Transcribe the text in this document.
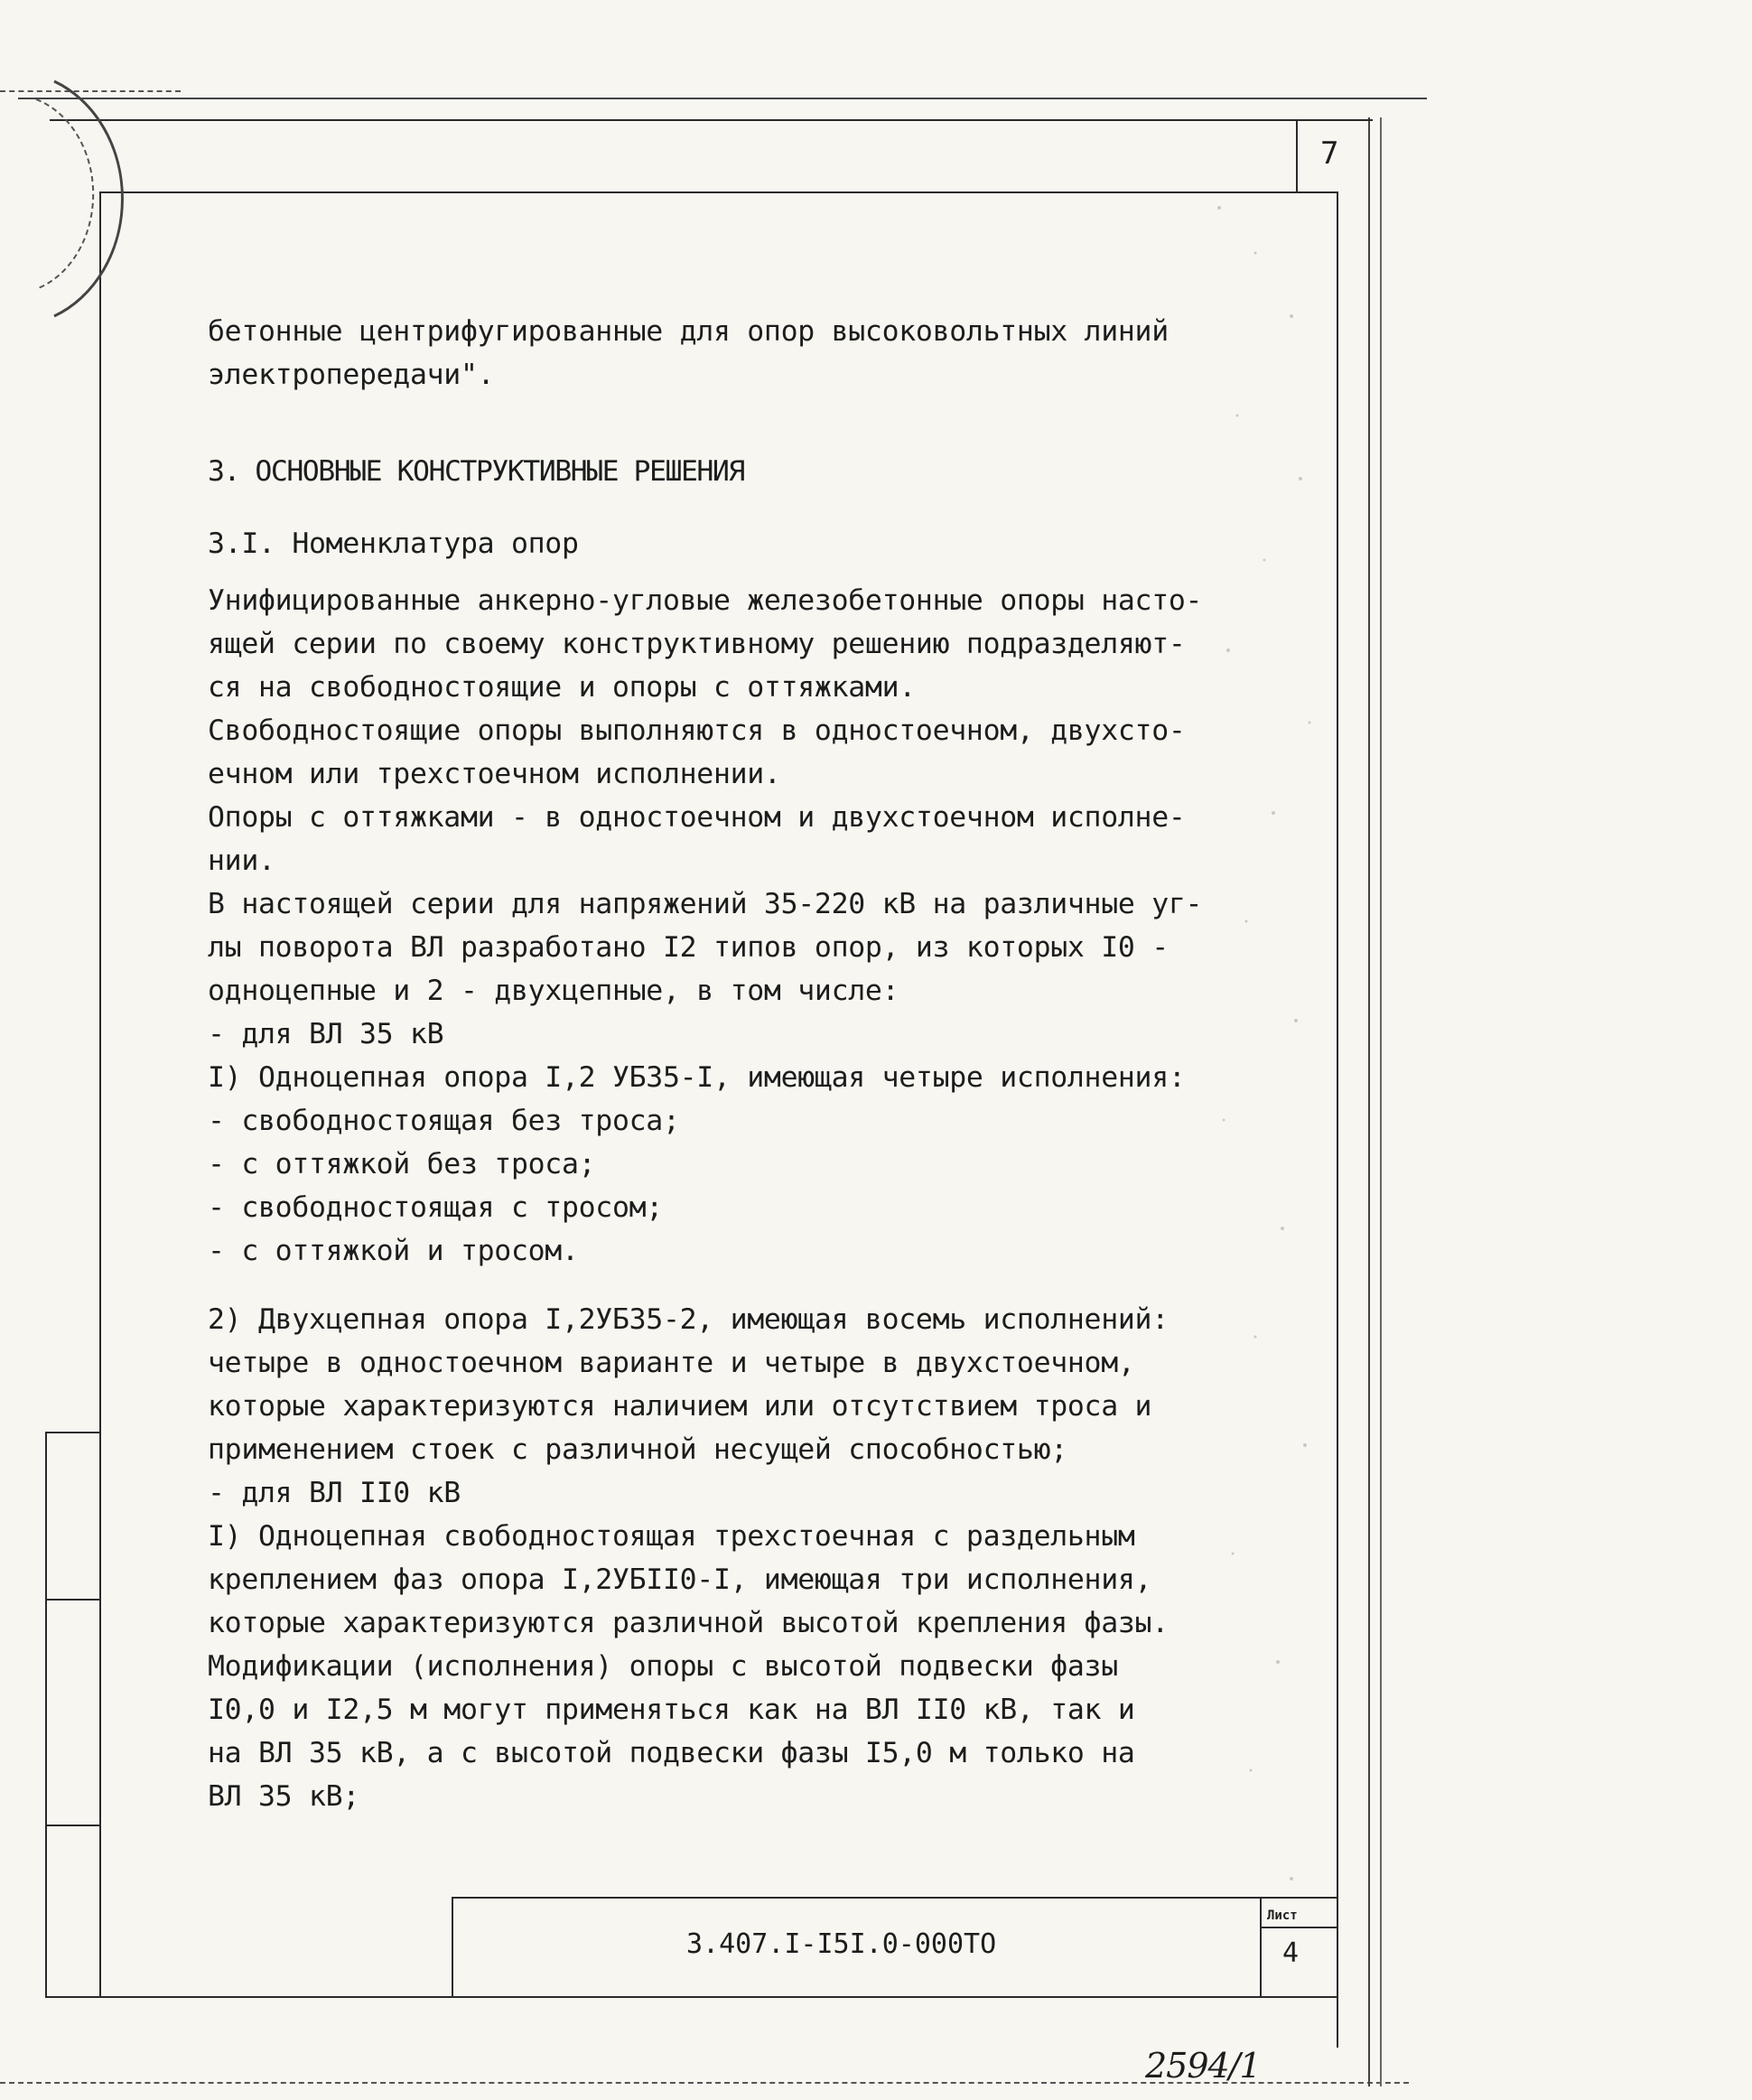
7
бетонные центрифугированные для опор высоковольтных линий
электропередачи".
3. ОСНОВНЫЕ КОНСТРУКТИВНЫЕ РЕШЕНИЯ
3.I. Номенклатура опор
Унифицированные анкерно-угловые железобетонные опоры насто-
ящей серии по своему конструктивному решению подразделяют-
ся на свободностоящие и опоры с оттяжками.
Свободностоящие опоры выполняются в одностоечном, двухсто-
ечном или трехстоечном исполнении.
Опоры с оттяжками - в одностоечном и двухстоечном исполне-
нии.
В настоящей серии для напряжений 35-220 кВ на различные уг-
лы поворота ВЛ разработано I2 типов опор, из которых I0 -
одноцепные и 2 - двухцепные, в том числе:
- для ВЛ 35 кВ
I) Одноцепная опора I,2 УБ35-I, имеющая четыре исполнения:
- свободностоящая без троса;
- с оттяжкой без троса;
- свободностоящая с тросом;
- с оттяжкой и тросом.
2) Двухцепная опора I,2УБ35-2, имеющая восемь исполнений:
четыре в одностоечном варианте и четыре в двухстоечном,
которые характеризуются наличием или отсутствием троса и
применением стоек с различной несущей способностью;
- для ВЛ II0 кВ
I) Одноцепная свободностоящая трехстоечная с раздельным
креплением фаз опора I,2УБII0-I, имеющая три исполнения,
которые характеризуются различной высотой крепления фазы.
Модификации (исполнения) опоры с высотой подвески фазы
I0,0 и I2,5 м могут применяться как на ВЛ II0 кВ, так и
на ВЛ 35 кВ, а с высотой подвески фазы I5,0 м только на
ВЛ 35 кВ;
3.407.I-I5I.0-000ТО
Лист
4
2594/1
